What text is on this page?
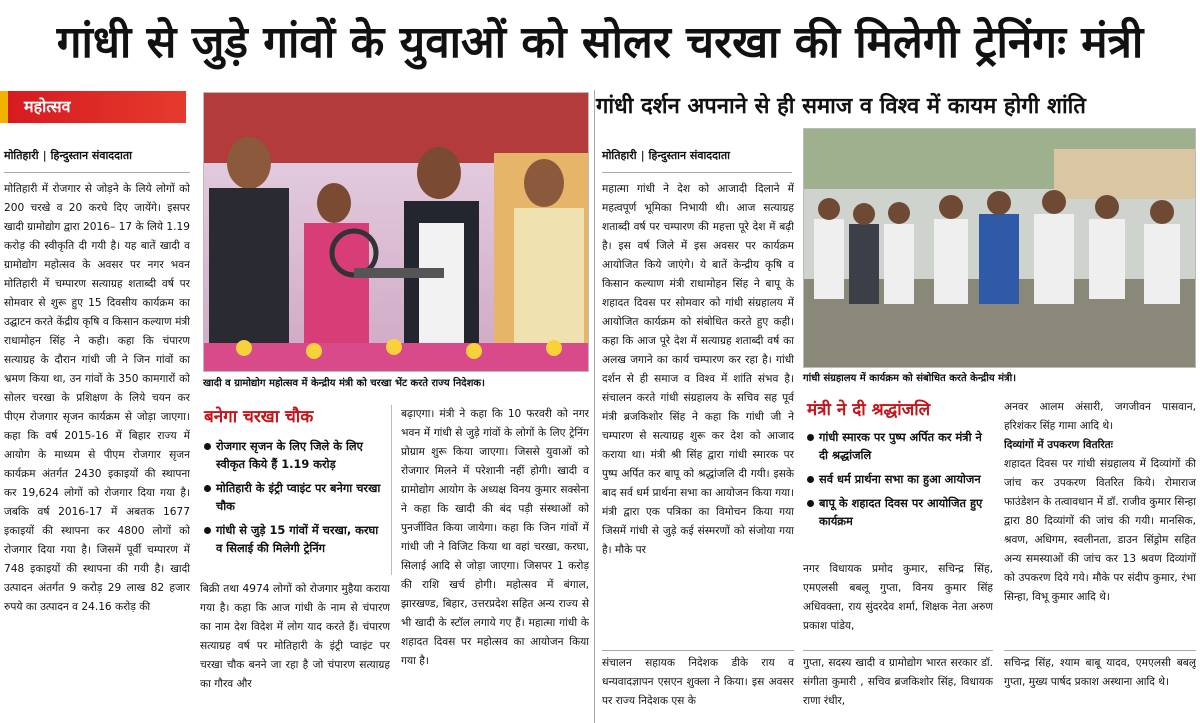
गांधी से जुड़े गांवों के युवाओं को सोलर चरखा की मिलेगी ट्रेनिंगः मंत्री
महोत्सव	गांधी दर्शन अपनाने से ही समाज व विश्व में कायम होगी शांति
मोतिहारी | हिन्दुस्तान संवाददाता
मोतिहारी में रोजगार से जोड़ने के लिये लोगों को 200 चरखे व 20 करघे दिए जायेंगे। इसपर खादी ग्रामोद्योग द्वारा 2016– 17 के लिये 1.19 करोड़ की स्वीकृति दी गयी है। यह बातें खादी व ग्रामोद्योग महोत्सव के अवसर पर नगर भवन मोतिहारी में चम्पारण सत्याग्रह शताब्दी वर्ष पर सोमवार से शुरू हुए 15 दिवसीय कार्यक्रम का उद्घाटन करते केंद्रीय कृषि व किसान कल्याण मंत्री राधामोहन सिंह ने कही। कहा कि चंपारण सत्याग्रह के दौरान गांधी जी ने जिन गांवों का भ्रमण किया था, उन गांवों के 350 कामगारों को सोलर चरखा के प्रशिक्षण के लिये चयन कर पीएम रोजगार सृजन कार्यक्रम से जोड़ा जाएगा। कहा कि वर्ष 2015-16 में बिहार राज्य में आयोग के माध्यम से पीएम रोजगार सृजन कार्यक्रम अंतर्गत 2430 इकाइयों की स्थापना कर 19,624 लोगों को रोजगार दिया गया है। जबकि वर्ष 2016-17 में अबतक 1677 इकाइयों की स्थापना कर 4800 लोगों को रोजगार दिया गया है। जिसमें पूर्वी चम्पारण में 748 इकाइयों की स्थापना की गयी है। खादी उत्पादन अंतर्गत 9 करोड़ 29 लाख 82 हजार रुपये का उत्पादन व 24.16 करोड़ की
खादी व ग्रामोद्योग महोत्सव में केन्द्रीय मंत्री को चरखा भेंट करते राज्य निदेशक।
बनेगा चरखा चौक
रोजगार सृजन के लिए जिले के लिए स्वीकृत किये हैं 1.19 करोड़
मोतिहारी के इंट्री प्वाइंट पर बनेगा चरखा चौक
गांधी से जुड़े 15 गांवों में चरखा, करघा व सिलाई की मिलेगी ट्रेनिंग
बिक्री तथा 4974 लोगों को रोजगार मुहैया कराया गया है। कहा कि आज गांधी के नाम से चंपारण का नाम देश विदेश में लोग याद करते हैं। चंपारण सत्याग्रह वर्ष पर मोतिहारी के इंट्री प्वाइंट पर चरखा चौक बनने जा रहा है जो चंपारण सत्याग्रह का गौरव और
बढ़ाएगा। मंत्री ने कहा कि 10 फरवरी को नगर भवन में गांधी से जुड़े गांवों के लोगों के लिए ट्रेनिंग प्रोग्राम शुरू किया जाएगा। जिससे युवाओं को रोजगार मिलने में परेशानी नहीं होगी। खादी व ग्रामोद्योग आयोग के अध्यक्ष विनय कुमार सक्सेना ने कहा कि खादी की बंद पड़ी संस्थाओं को पुनर्जीवित किया जायेगा। कहा कि जिन गांवों में गांधी जी ने विजिट किया था वहां चरखा, करघा, सिलाई आदि से जोड़ा जाएगा। जिसपर 1 करोड़ की राशि खर्च होगी। महोत्सव में बंगाल, झारखण्ड, बिहार, उत्तरप्रदेश सहित अन्य राज्य से भी खादी के स्टॉल लगाये गए हैं। महात्मा गांधी के शहादत दिवस पर महोत्सव का आयोजन किया गया है।
मोतिहारी | हिन्दुस्तान संवाददाता
महात्मा गांधी ने देश को आजादी दिलाने में महत्वपूर्ण भूमिका निभायी थी। आज सत्याग्रह शताब्दी वर्ष पर चम्पारण की महत्ता पूरे देश में बढ़ी है। इस वर्ष जिले में इस अवसर पर कार्यक्रम आयोजित किये जाएंगे। ये बातें केन्द्रीय कृषि व किसान कल्याण मंत्री राधामोहन सिंह ने बापू के शहादत दिवस पर सोमवार को गांधी संग्रहालय में आयोजित कार्यक्रम को संबोधित करते हुए कही। कहा कि आज पूरे देश में सत्याग्रह शताब्दी वर्ष का अलख जगाने का कार्य चम्पारण कर रहा है। गांधी दर्शन से ही समाज व विश्व में शांति संभव है। संचालन करते गांधी संग्रहालय के सचिव सह पूर्व मंत्री ब्रजकिशोर सिंह ने कहा कि गांधी जी ने चम्पारण से सत्याग्रह शुरू कर देश को आजाद कराया था। मंत्री श्री सिंह द्वारा गांधी स्मारक पर पुष्प अर्पित कर बापू को श्रद्धांजलि दी गयी। इसके बाद सर्व धर्म प्रार्थना सभा का आयोजन किया गया। मंत्री द्वारा एक पत्रिका का विमोचन किया गया जिसमें गांधी से जुड़े कई संस्मरणों को संजोया गया है। मौके पर
संचालन सहायक निदेशक डीके राय व धन्यवादज्ञापन एसएन शुक्ला ने किया। इस अवसर पर राज्य निदेशक एस के
गांधी संग्रहालय में कार्यक्रम को संबोधित करते केन्द्रीय मंत्री।
मंत्री ने दी श्रद्धांजलि
गांधी स्मारक पर पुष्प अर्पित कर मंत्री ने दी श्रद्धांजलि
सर्व धर्म प्रार्थना सभा का हुआ आयोजन
बापू के शहादत दिवस पर आयोजित हुए कार्यक्रम
नगर विधायक प्रमोद कुमार, सचिन्द्र सिंह, एमएलसी बबलू गुप्ता, विनय कुमार सिंह अधिवक्ता, राय सुंदरदेव शर्मा, शिक्षक नेता अरुण प्रकाश पांडेय,
गुप्ता, सदस्य खादी व ग्रामोद्योग भारत सरकार डॉ. संगीता कुमारी , सचिव ब्रजकिशोर सिंह, विधायक राणा रंधीर,
अनवर आलम अंसारी, जगजीवन पासवान, हरिशंकर सिंह गामा आदि थे।
दिव्यांगों में उपकरण वितरितः
शहादत दिवस पर गांधी संग्रहालय में दिव्यांगों की जांच कर उपकरण वितरित किये। रोमाराज फाउंडेशन के तत्वावधान में डॉ. राजीव कुमार सिन्हा द्वारा 80 दिव्यांगों की जांच की गयी। मानसिक, श्रवण, अधिगम, स्वलीनता, डाउन सिंड्रोम सहित अन्य समस्याओं की जांच कर 13 श्रवण दिव्यांगों को उपकरण दिये गये। मौके पर संदीप कुमार, रंभा सिन्हा, विभू कुमार आदि थे।
सचिन्द्र सिंह, श्याम बाबू यादव, एमएलसी बबलू गुप्ता, मुख्य पार्षद प्रकाश अस्थाना आदि थे।
